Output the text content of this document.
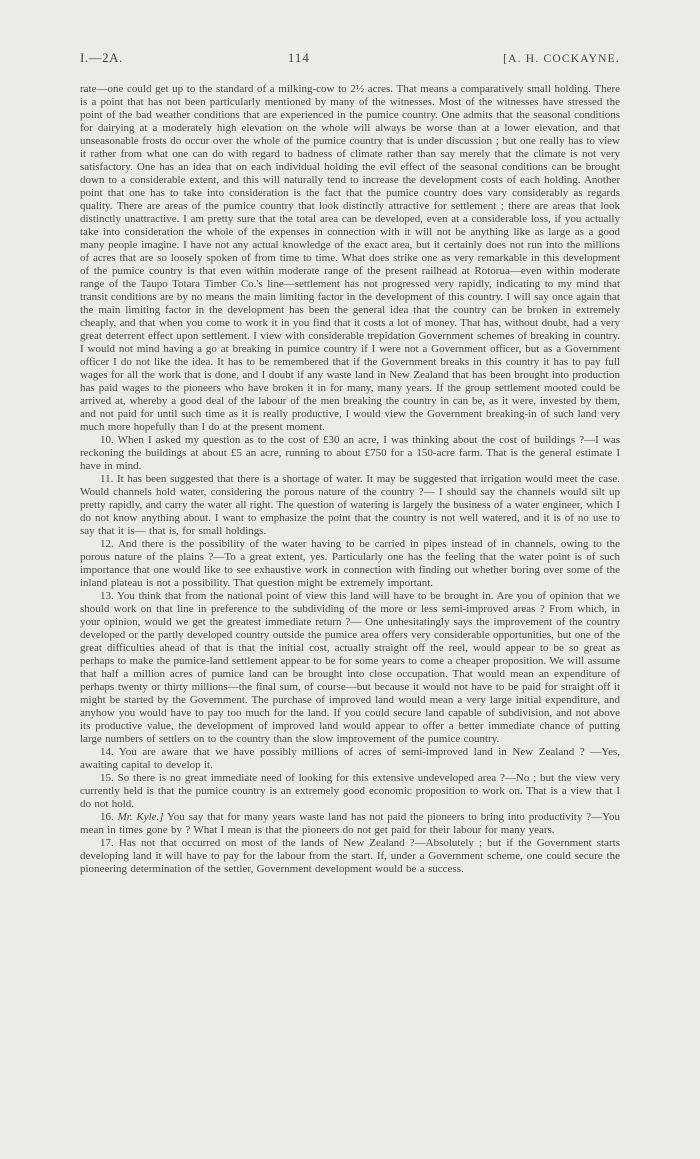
I.—2A.	114	[A. H. COCKAYNE.

rate—one could get up to the standard of a milking-cow to 2½ acres. That means a comparatively small holding. There is a point that has not been particularly mentioned by many of the witnesses. Most of the witnesses have stressed the point of the bad weather conditions that are experienced in the pumice country. One admits that the seasonal conditions for dairying at a moderately high elevation on the whole will always be worse than at a lower elevation, and that unseasonable frosts do occur over the whole of the pumice country that is under discussion ; but one really has to view it rather from what one can do with regard to badness of climate rather than say merely that the climate is not very satisfactory. One has an idea that on each individual holding the evil effect of the seasonal conditions can be brought down to a considerable extent, and this will naturally tend to increase the development costs of each holding. Another point that one has to take into consideration is the fact that the pumice country does vary considerably as regards quality. There are areas of the pumice country that look distinctly attractive for settlement ; there are areas that look distinctly unattractive. I am pretty sure that the total area can be developed, even at a considerable loss, if you actually take into consideration the whole of the expenses in connection with it will not be anything like as large as a good many people imagine. I have not any actual knowledge of the exact area, but it certainly does not run into the millions of acres that are so loosely spoken of from time to time. What does strike one as very remarkable in this development of the pumice country is that even within moderate range of the present railhead at Rotorua—even within moderate range of the Taupo Totara Timber Co.'s line—settlement has not progressed very rapidly, indicating to my mind that transit conditions are by no means the main limiting factor in the development of this country. I will say once again that the main limiting factor in the development has been the general idea that the country can be broken in extremely cheaply, and that when you come to work it in you find that it costs a lot of money. That has, without doubt, had a very great deterrent effect upon settlement. I view with considerable trepidation Government schemes of breaking in country. I would not mind having a go at breaking in pumice country if I were not a Government officer, but as a Government officer I do not like the idea. It has to be remembered that if the Government breaks in this country it has to pay full wages for all the work that is done, and I doubt if any waste land in New Zealand that has been brought into production has paid wages to the pioneers who have broken it in for many, many years. If the group settlement mooted could be arrived at, whereby a good deal of the labour of the men breaking the country in can be, as it were, invested by them, and not paid for until such time as it is really productive, I would view the Government breaking-in of such land very much more hopefully than I do at the present moment.

10. When I asked my question as to the cost of £30 an acre, I was thinking about the cost of buildings ?—I was reckoning the buildings at about £5 an acre, running to about £750 for a 150-acre farm. That is the general estimate I have in mind.

11. It has been suggested that there is a shortage of water. It may be suggested that irrigation would meet the case. Would channels hold water, considering the porous nature of the country ?— I should say the channels would silt up pretty rapidly, and carry the water all right. The question of watering is largely the business of a water engineer, which I do not know anything about. I want to emphasize the point that the country is not well watered, and it is of no use to say that it is— that is, for small holdings.

12. And there is the possibility of the water having to be carried in pipes instead of in channels, owing to the porous nature of the plains ?—To a great extent, yes. Particularly one has the feeling that the water point is of such importance that one would like to see exhaustive work in connection with finding out whether boring over some of the inland plateau is not a possibility. That question might be extremely important.

13. You think that from the national point of view this land will have to be brought in. Are you of opinion that we should work on that line in preference to the subdividing of the more or less semi-improved areas ? From which, in your opinion, would we get the greatest immediate return ?— One unhesitatingly says the improvement of the country developed or the partly developed country outside the pumice area offers very considerable opportunities, but one of the great difficulties ahead of that is that the initial cost, actually straight off the reel, would appear to be so great as perhaps to make the pumice-land settlement appear to be for some years to come a cheaper proposition. We will assume that half a million acres of pumice land can be brought into close occupation. That would mean an expenditure of perhaps twenty or thirty millions—the final sum, of course—but because it would not have to be paid for straight off it might be started by the Government. The purchase of improved land would mean a very large initial expenditure, and anyhow you would have to pay too much for the land. If you could secure land capable of subdivision, and not above its productive value, the development of improved land would appear to offer a better immediate chance of putting large numbers of settlers on to the country than the slow improvement of the pumice country.

14. You are aware that we have possibly millions of acres of semi-improved land in New Zealand ? —Yes, awaiting capital to develop it.

15. So there is no great immediate need of looking for this extensive undeveloped area ?—No ; but the view very currently held is that the pumice country is an extremely good economic proposition to work on. That is a view that I do not hold.

16. Mr. Kyle.] You say that for many years waste land has not paid the pioneers to bring into productivity ?—You mean in times gone by ? What I mean is that the pioneers do not get paid for their labour for many years.

17. Has not that occurred on most of the lands of New Zealand ?—Absolutely ; but if the Government starts developing land it will have to pay for the labour from the start. If, under a Government scheme, one could secure the pioneering determination of the settler, Government development would be a success.
